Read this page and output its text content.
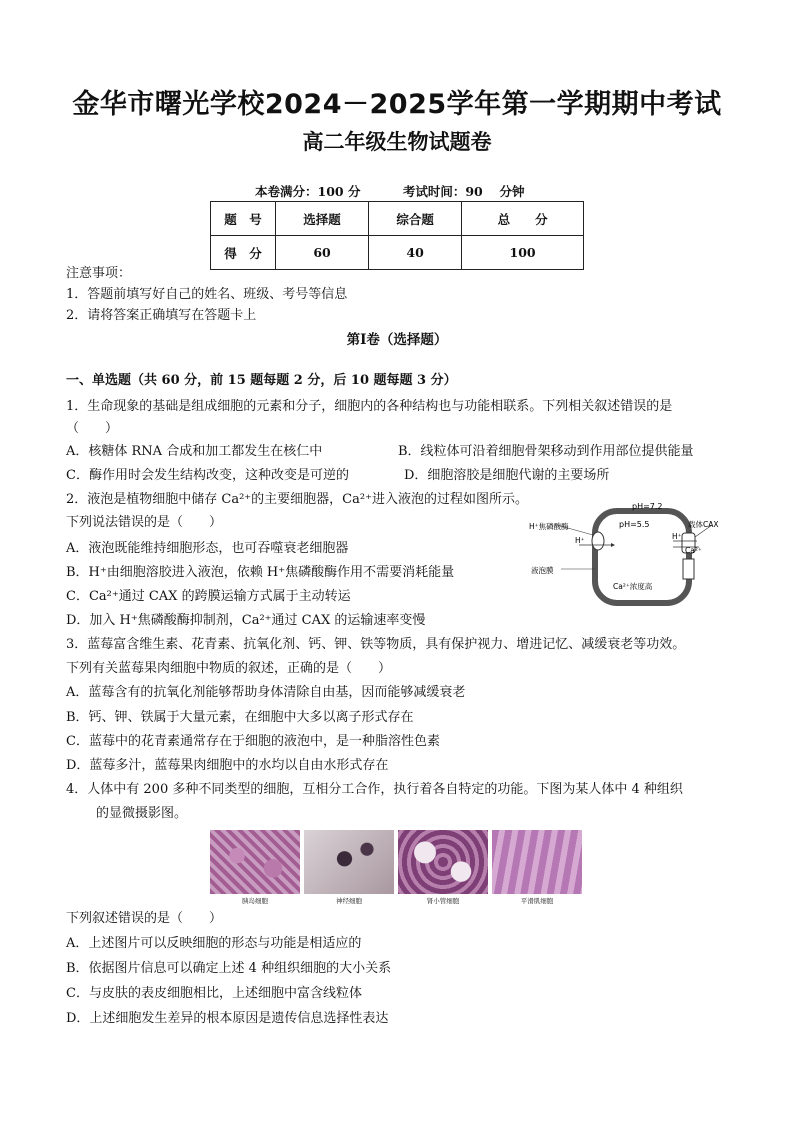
金华市曙光学校2024－2025学年第一学期期中考试
高二年级生物试题卷
本卷满分：100 分	考试时间：90　 分钟
题　号	选择题	综合题	总　　分
得　分	60	40	100
注意事项：
1．答题前填写好自己的姓名、班级、考号等信息
2．请将答案正确填写在答题卡上
第Ⅰ卷（选择题）
一、单选题（共 60 分，前 15 题每题 2 分，后 10 题每题 3 分）
1．生命现象的基础是组成细胞的元素和分子，细胞内的各种结构也与功能相联系。下列相关叙述错误的是
（　　）
A．核糖体 RNA 合成和加工都发生在核仁中	B．线粒体可沿着细胞骨架移动到作用部位提供能量
C．酶作用时会发生结构改变，这种改变是可逆的	D．细胞溶胶是细胞代谢的主要场所
2．液泡是植物细胞中储存 Ca²⁺的主要细胞器，Ca²⁺进入液泡的过程如图所示。
下列说法错误的是（　　）
A．液泡既能维持细胞形态，也可吞噬衰老细胞器
B．H⁺由细胞溶胶进入液泡，依赖 H⁺焦磷酸酶作用不需要消耗能量
C．Ca²⁺通过 CAX 的跨膜运输方式属于主动转运
D．加入 H⁺焦磷酸酶抑制剂，Ca²⁺通过 CAX 的运输速率变慢
pH=7.2
pH=5.5
H⁺焦磷酸酶	载体CAX
H⁺	H⁺
Ca²⁺
液泡膜
Ca²⁺浓度高
3．蓝莓富含维生素、花青素、抗氧化剂、钙、钾、铁等物质，具有保护视力、增进记忆、减缓衰老等功效。
下列有关蓝莓果肉细胞中物质的叙述，正确的是（　　）
A．蓝莓含有的抗氧化剂能够帮助身体清除自由基，因而能够减缓衰老
B．钙、钾、铁属于大量元素，在细胞中大多以离子形式存在
C．蓝莓中的花青素通常存在于细胞的液泡中，是一种脂溶性色素
D．蓝莓多汁，蓝莓果肉细胞中的水均以自由水形式存在
4．人体中有 200 多种不同类型的细胞，互相分工合作，执行着各自特定的功能。下图为某人体中 4 种组织
的显微摄影图。
胰岛细胞	神经细胞	肾小管细胞	平滑肌细胞
下列叙述错误的是（　　）
A．上述图片可以反映细胞的形态与功能是相适应的
B．依据图片信息可以确定上述 4 种组织细胞的大小关系
C．与皮肤的表皮细胞相比，上述细胞中富含线粒体
D．上述细胞发生差异的根本原因是遗传信息选择性表达
